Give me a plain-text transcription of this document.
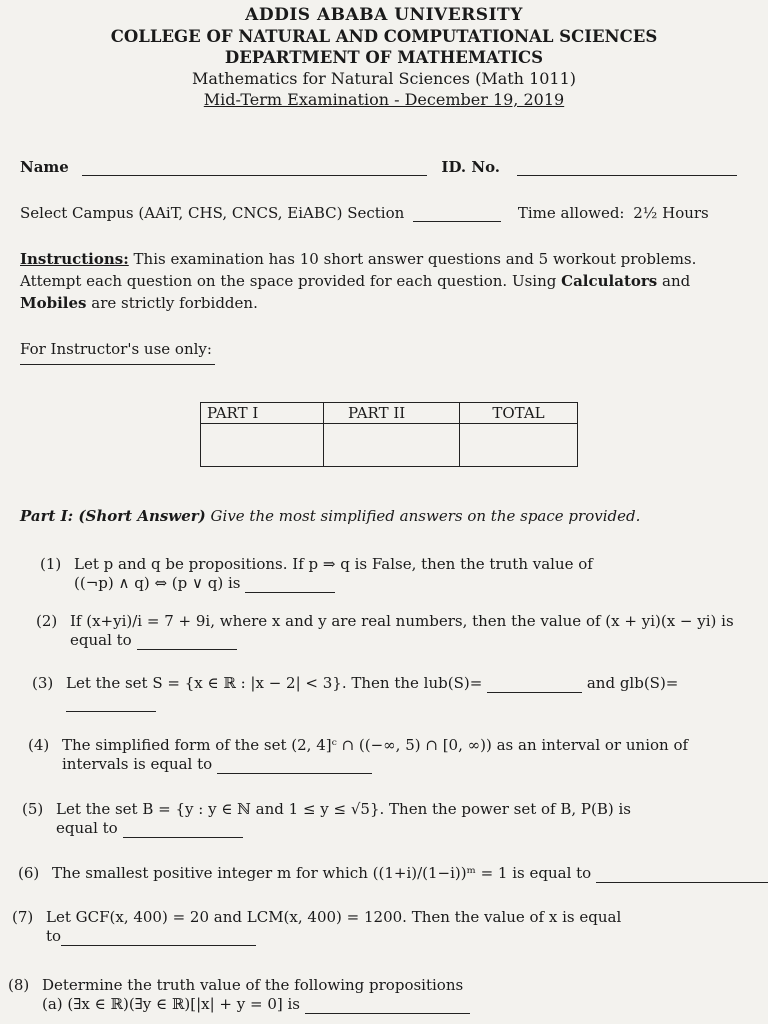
ADDIS ABABA UNIVERSITY
COLLEGE OF NATURAL AND COMPUTATIONAL SCIENCES
DEPARTMENT OF MATHEMATICS
Mathematics for Natural Sciences (Math 1011)
Mid-Term Examination - December 19, 2019
Name	ID. No.
Select Campus (AAiT, CHS, CNCS, EiABC) Section	Time allowed: 2½ Hours
Instructions: This examination has 10 short answer questions and 5 workout problems. Attempt each question on the space provided for each question. Using Calculators and Mobiles are strictly forbidden.
For Instructor's use only:
PART I	PART II	TOTAL

Part I: (Short Answer) Give the most simplified answers on the space provided.
(1) Let p and q be propositions. If p ⇒ q is False, then the truth value of
((¬p) ∧ q) ⇔ (p ∨ q) is
(2) If (x+yi)/i = 7 + 9i, where x and y are real numbers, then the value of (x + yi)(x − yi) is
equal to
(3) Let the set S = {x ∈ ℝ : |x − 2| < 3}. Then the lub(S)=	and glb(S)=
(4) The simplified form of the set (2, 4]ᶜ ∩ ((−∞, 5) ∩ [0, ∞)) as an interval or union of
intervals is equal to
(5) Let the set B = {y : y ∈ ℕ and 1 ≤ y ≤ √5}. Then the power set of B, P(B) is
equal to
(6) The smallest positive integer m for which ((1+i)/(1−i))ᵐ = 1 is equal to
(7) Let GCF(x, 400) = 20 and LCM(x, 400) = 1200. Then the value of x is equal
to
(8) Determine the truth value of the following propositions
(a) (∃x ∈ ℝ)(∃y ∈ ℝ)[|x| + y = 0] is
